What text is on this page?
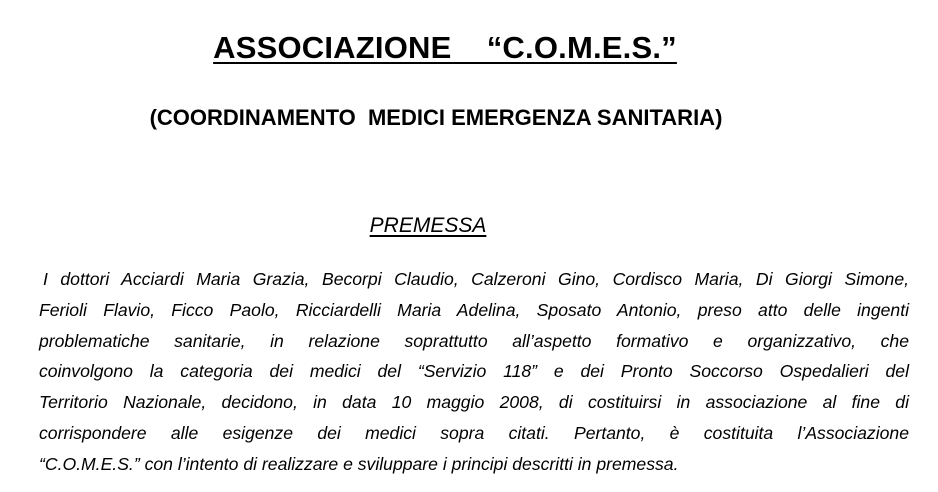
ASSOCIAZIONE    “C.O.M.E.S.”
(COORDINAMENTO  MEDICI EMERGENZA SANITARIA)
PREMESSA
I dottori Acciardi Maria Grazia, Becorpi Claudio, Calzeroni Gino, Cordisco Maria, Di Giorgi Simone,
Ferioli Flavio, Ficco Paolo, Ricciardelli Maria Adelina, Sposato Antonio, preso atto delle ingenti
problematiche sanitarie, in relazione soprattutto all’aspetto formativo e organizzativo, che
coinvolgono la categoria dei medici del “Servizio 118” e dei Pronto Soccorso Ospedalieri del
Territorio Nazionale, decidono, in data 10 maggio 2008, di costituirsi in associazione al fine di
corrispondere alle esigenze dei medici sopra citati. Pertanto, è costituita l’Associazione
“C.O.M.E.S.” con l’intento di realizzare e sviluppare i principi descritti in premessa.
